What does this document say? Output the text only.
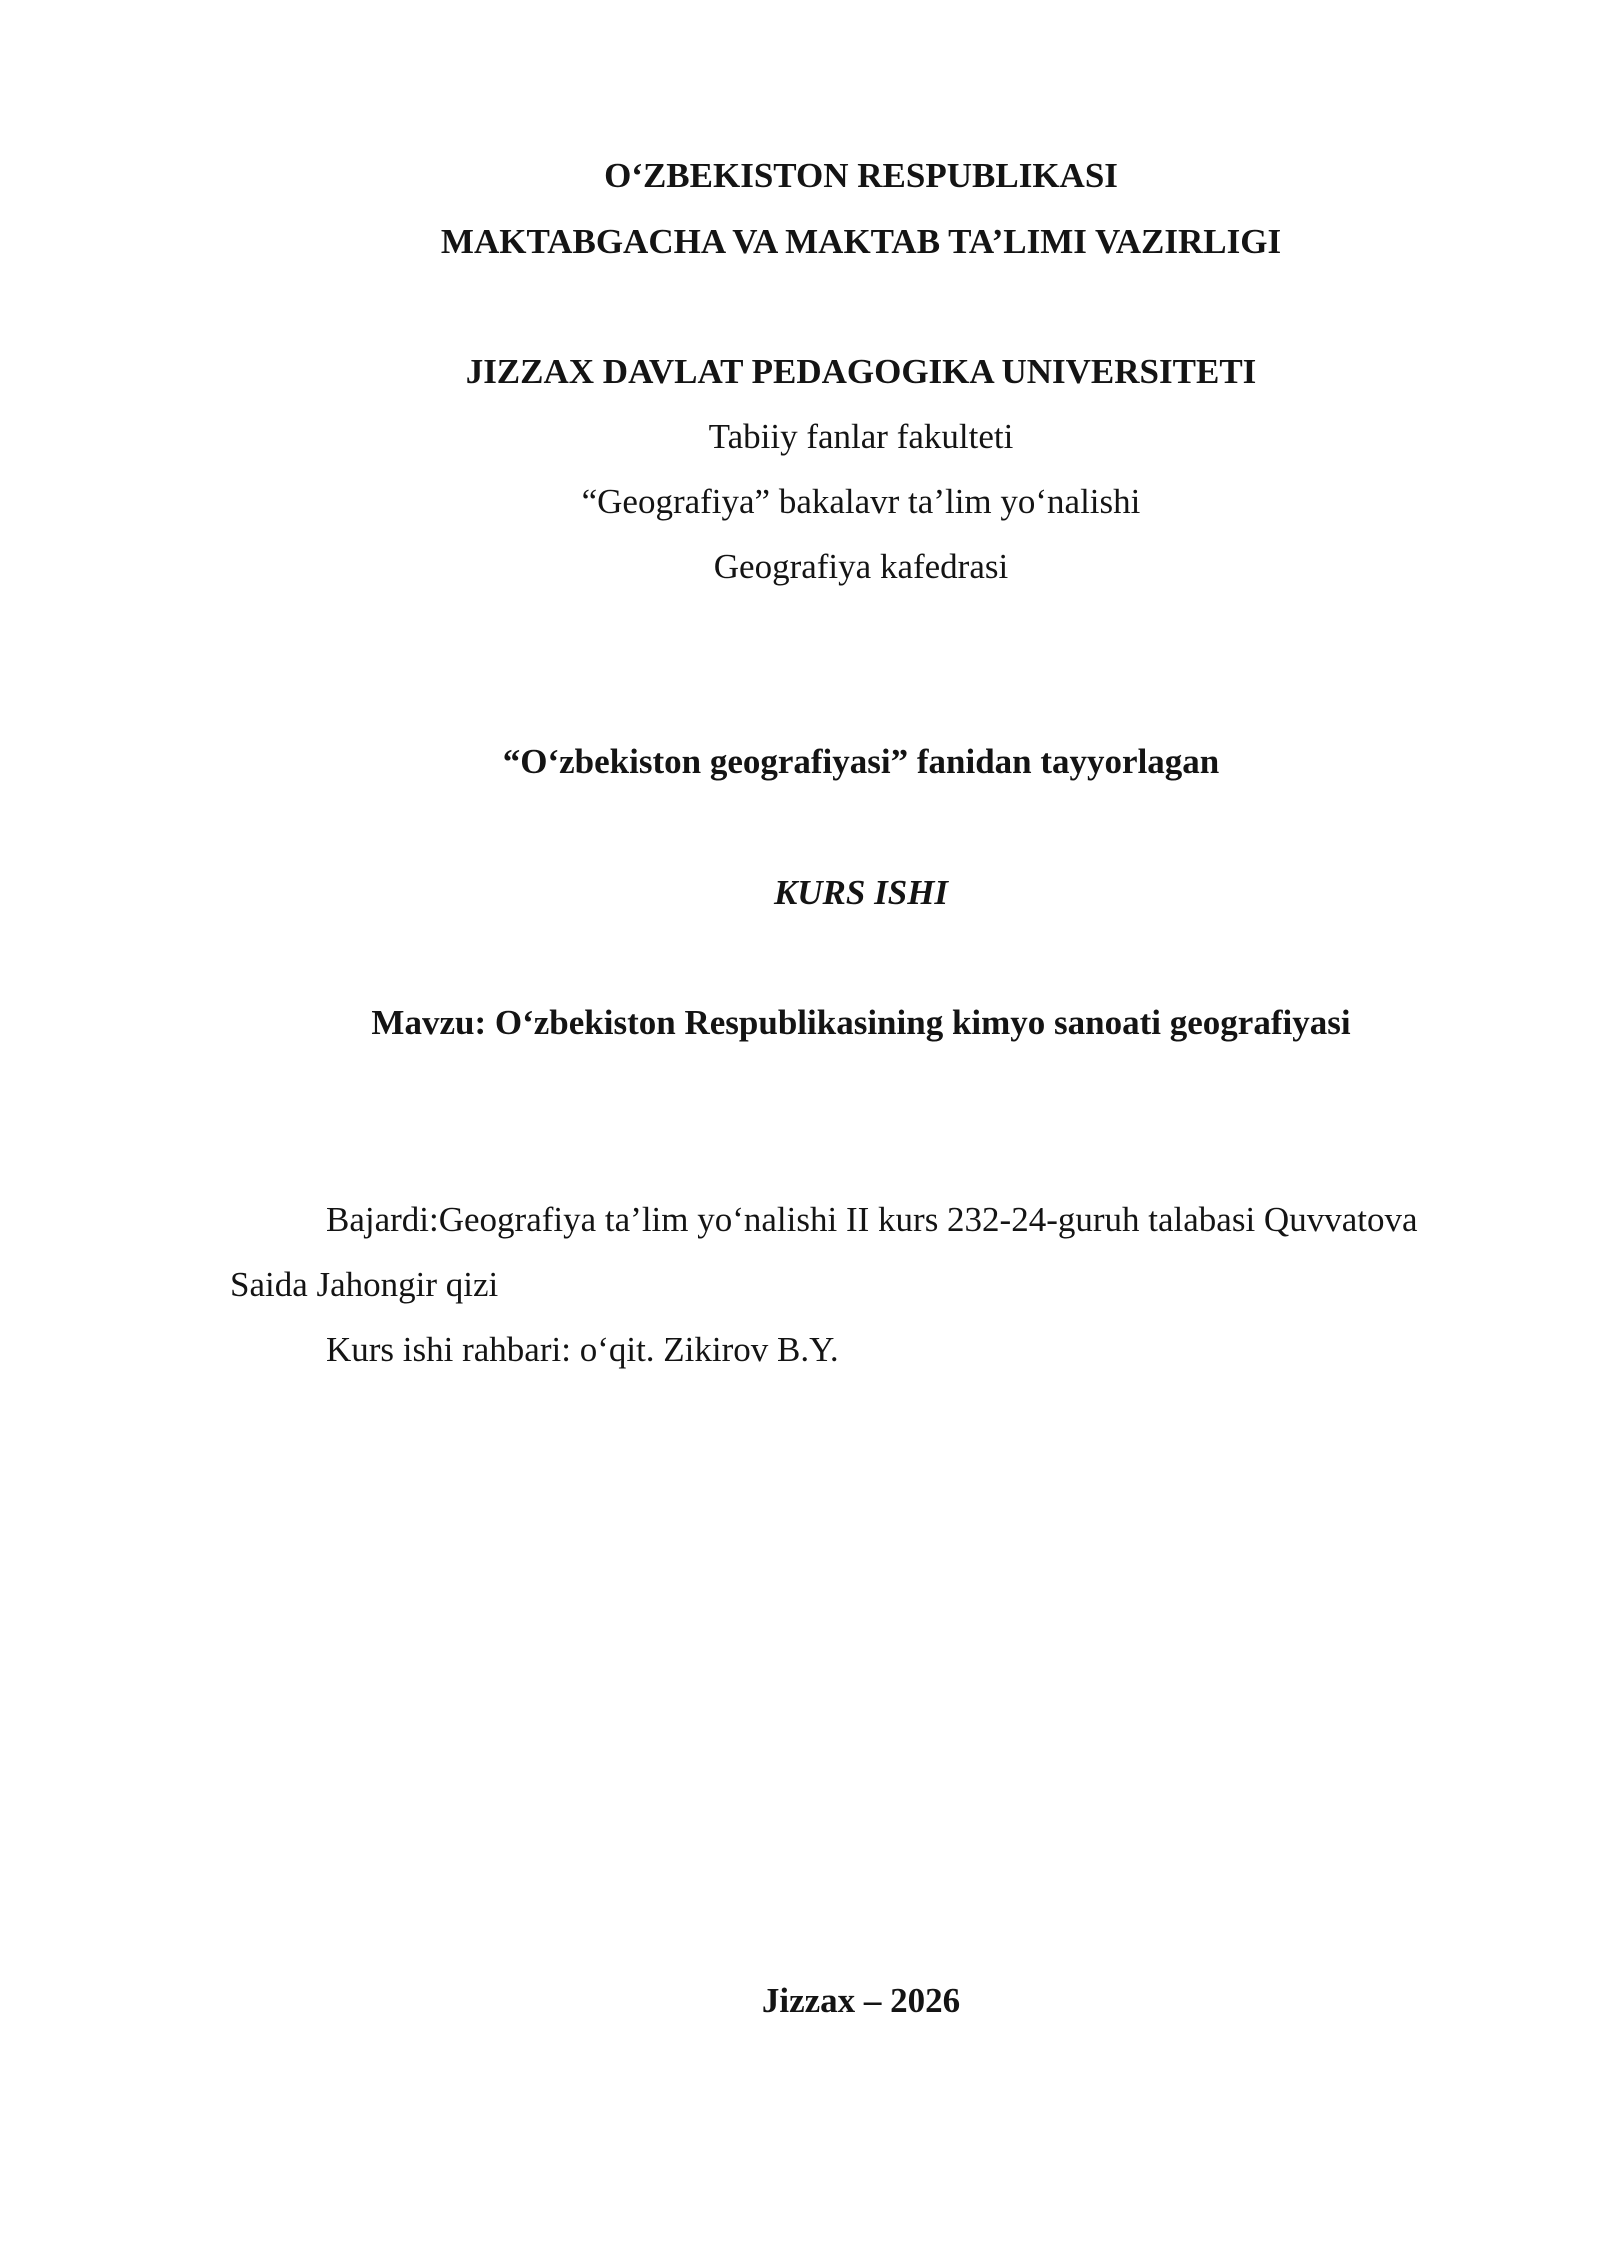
O‘ZBEKISTON RESPUBLIKASI

MAKTABGACHA VA MAKTAB TA’LIMI VAZIRLIGI

JIZZAX DAVLAT PEDAGOGIKA UNIVERSITETI

Tabiiy fanlar fakulteti

“Geografiya” bakalavr ta’lim yo‘nalishi

Geografiya kafedrasi

“O‘zbekiston geografiyasi” fanidan tayyorlagan

KURS ISHI

Mavzu: O‘zbekiston Respublikasining kimyo sanoati geografiyasi

Bajardi:Geografiya ta’lim yo‘nalishi II kurs 232-24-guruh talabasi Quvvatova

Saida Jahongir qizi

Kurs ishi rahbari: o‘qit. Zikirov B.Y.

Jizzax – 2026
